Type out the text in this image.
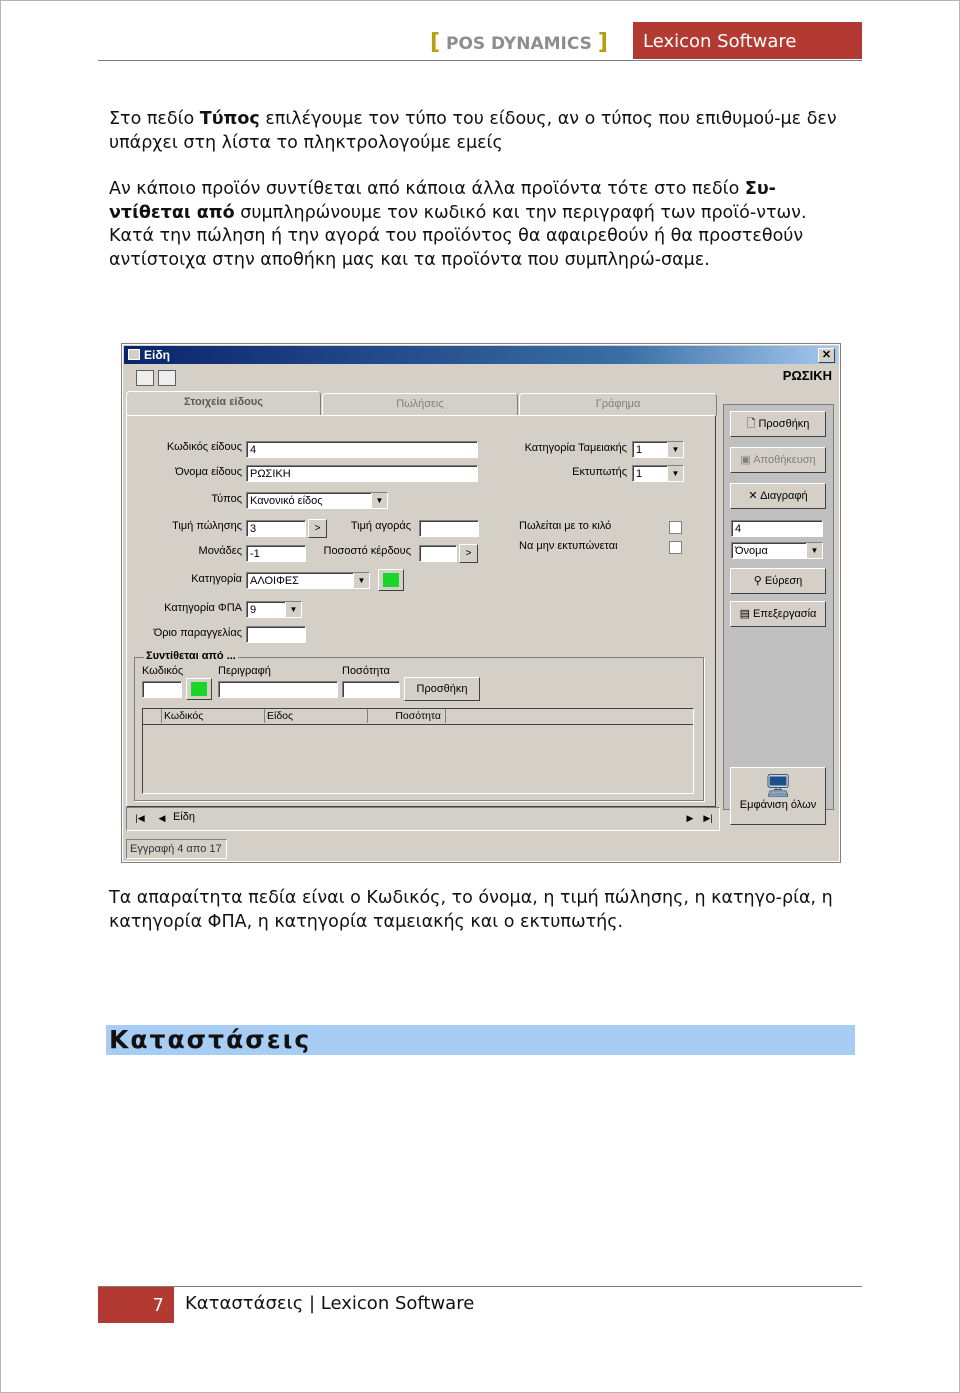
[ POS DYNAMICS ]	Lexicon Software
Στο πεδίο Τύπος επιλέγουμε τον τύπο του είδους, αν ο τύπος που επιθυμού-με δεν υπάρχει στη λίστα το πληκτρολογούμε εμείς
Αν κάποιο προϊόν συντίθεται από κάποια άλλα προϊόντα τότε στο πεδίο Συ-ντίθεται από συμπληρώνουμε τον κωδικό και την περιγραφή των προϊό-ντων. Κατά την πώληση ή την αγορά του προϊόντος θα αφαιρεθούν ή θα προστεθούν αντίστοιχα στην αποθήκη μας και τα προϊόντα που συμπληρώ-σαμε.
Είδη	✕
ΡΩΣΙΚΗ
Στοιχεία είδους	Πωλήσεις	Γράφημα
Κωδικός είδους 4
Όνομα είδους ΡΩΣΙΚΗ
Τύπος Κανονικό είδος	▼
Τιμή πώλησης 3	>
Μονάδες -1
Τιμή αγοράς
Ποσοστό κέρδους	>
Κατηγορία ΑΛΟΙΦΕΣ	▼
Κατηγορία ΦΠΑ 9	▼
Όριο παραγγελίας
Κατηγορία Ταμειακής 1	▼
Εκτυπωτής 1	▼
Πωλείται με το κιλό
Να μην εκτυπώνεται
Συντίθεται από ...
Κωδικός	Περιγραφή	Ποσότητα
Προσθήκη
Κωδικός	Είδος	Ποσότητα
🗋 Προσθήκη
▣ Αποθήκευση
✕ Διαγραφή
4
Όνομα	▼
⚲ Εύρεση
▤ Επεξεργασία
🖥
Εμφάνιση όλων
|◀	◀ Είδη	▶	▶|
Εγγραφή 4 απο 17
Τα απαραίτητα πεδία είναι ο Κωδικός, το όνομα, η τιμή πώλησης, η κατηγο-ρία, η κατηγορία ΦΠΑ, η κατηγορία ταμειακής και ο εκτυπωτής.
Καταστάσεις
7	Καταστάσεις | Lexicon Software
